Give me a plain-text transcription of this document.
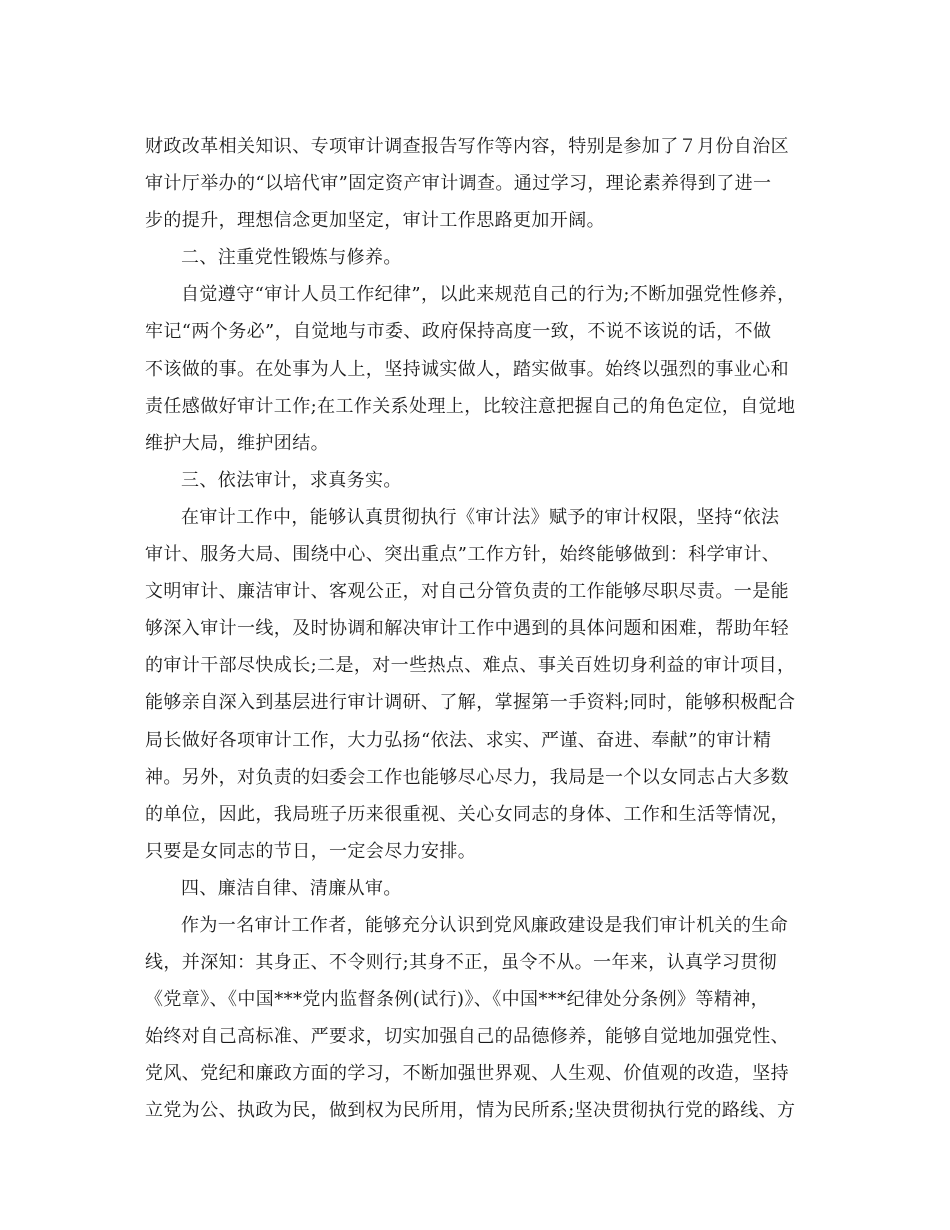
财政改革相关知识、专项审计调查报告写作等内容，特别是参加了７月份自治区
审计厅举办的“以培代审”固定资产审计调查。通过学习，理论素养得到了进一
步的提升，理想信念更加坚定，审计工作思路更加开阔。
二、注重党性锻炼与修养。
自觉遵守“审计人员工作纪律”，以此来规范自己的行为;不断加强党性修养，
牢记“两个务必”，自觉地与市委、政府保持高度一致，不说不该说的话，不做
不该做的事。在处事为人上，坚持诚实做人，踏实做事。始终以强烈的事业心和
责任感做好审计工作;在工作关系处理上，比较注意把握自己的角色定位，自觉地
维护大局，维护团结。
三、依法审计，求真务实。
在审计工作中，能够认真贯彻执行《审计法》赋予的审计权限，坚持“依法
审计、服务大局、围绕中心、突出重点”工作方针，始终能够做到：科学审计、
文明审计、廉洁审计、客观公正，对自己分管负责的工作能够尽职尽责。一是能
够深入审计一线，及时协调和解决审计工作中遇到的具体问题和困难，帮助年轻
的审计干部尽快成长;二是，对一些热点、难点、事关百姓切身利益的审计项目，
能够亲自深入到基层进行审计调研、了解，掌握第一手资料;同时，能够积极配合
局长做好各项审计工作，大力弘扬“依法、求实、严谨、奋进、奉献”的审计精
神。另外，对负责的妇委会工作也能够尽心尽力，我局是一个以女同志占大多数
的单位，因此，我局班子历来很重视、关心女同志的身体、工作和生活等情况，
只要是女同志的节日，一定会尽力安排。
四、廉洁自律、清廉从审。
作为一名审计工作者，能够充分认识到党风廉政建设是我们审计机关的生命
线，并深知：其身正、不令则行;其身不正，虽令不从。一年来，认真学习贯彻
《党章》、《中国***党内监督条例(试行)》、《中国***纪律处分条例》等精神，
始终对自己高标准、严要求，切实加强自己的品德修养，能够自觉地加强党性、
党风、党纪和廉政方面的学习，不断加强世界观、人生观、价值观的改造，坚持
立党为公、执政为民，做到权为民所用，情为民所系;坚决贯彻执行党的路线、方
